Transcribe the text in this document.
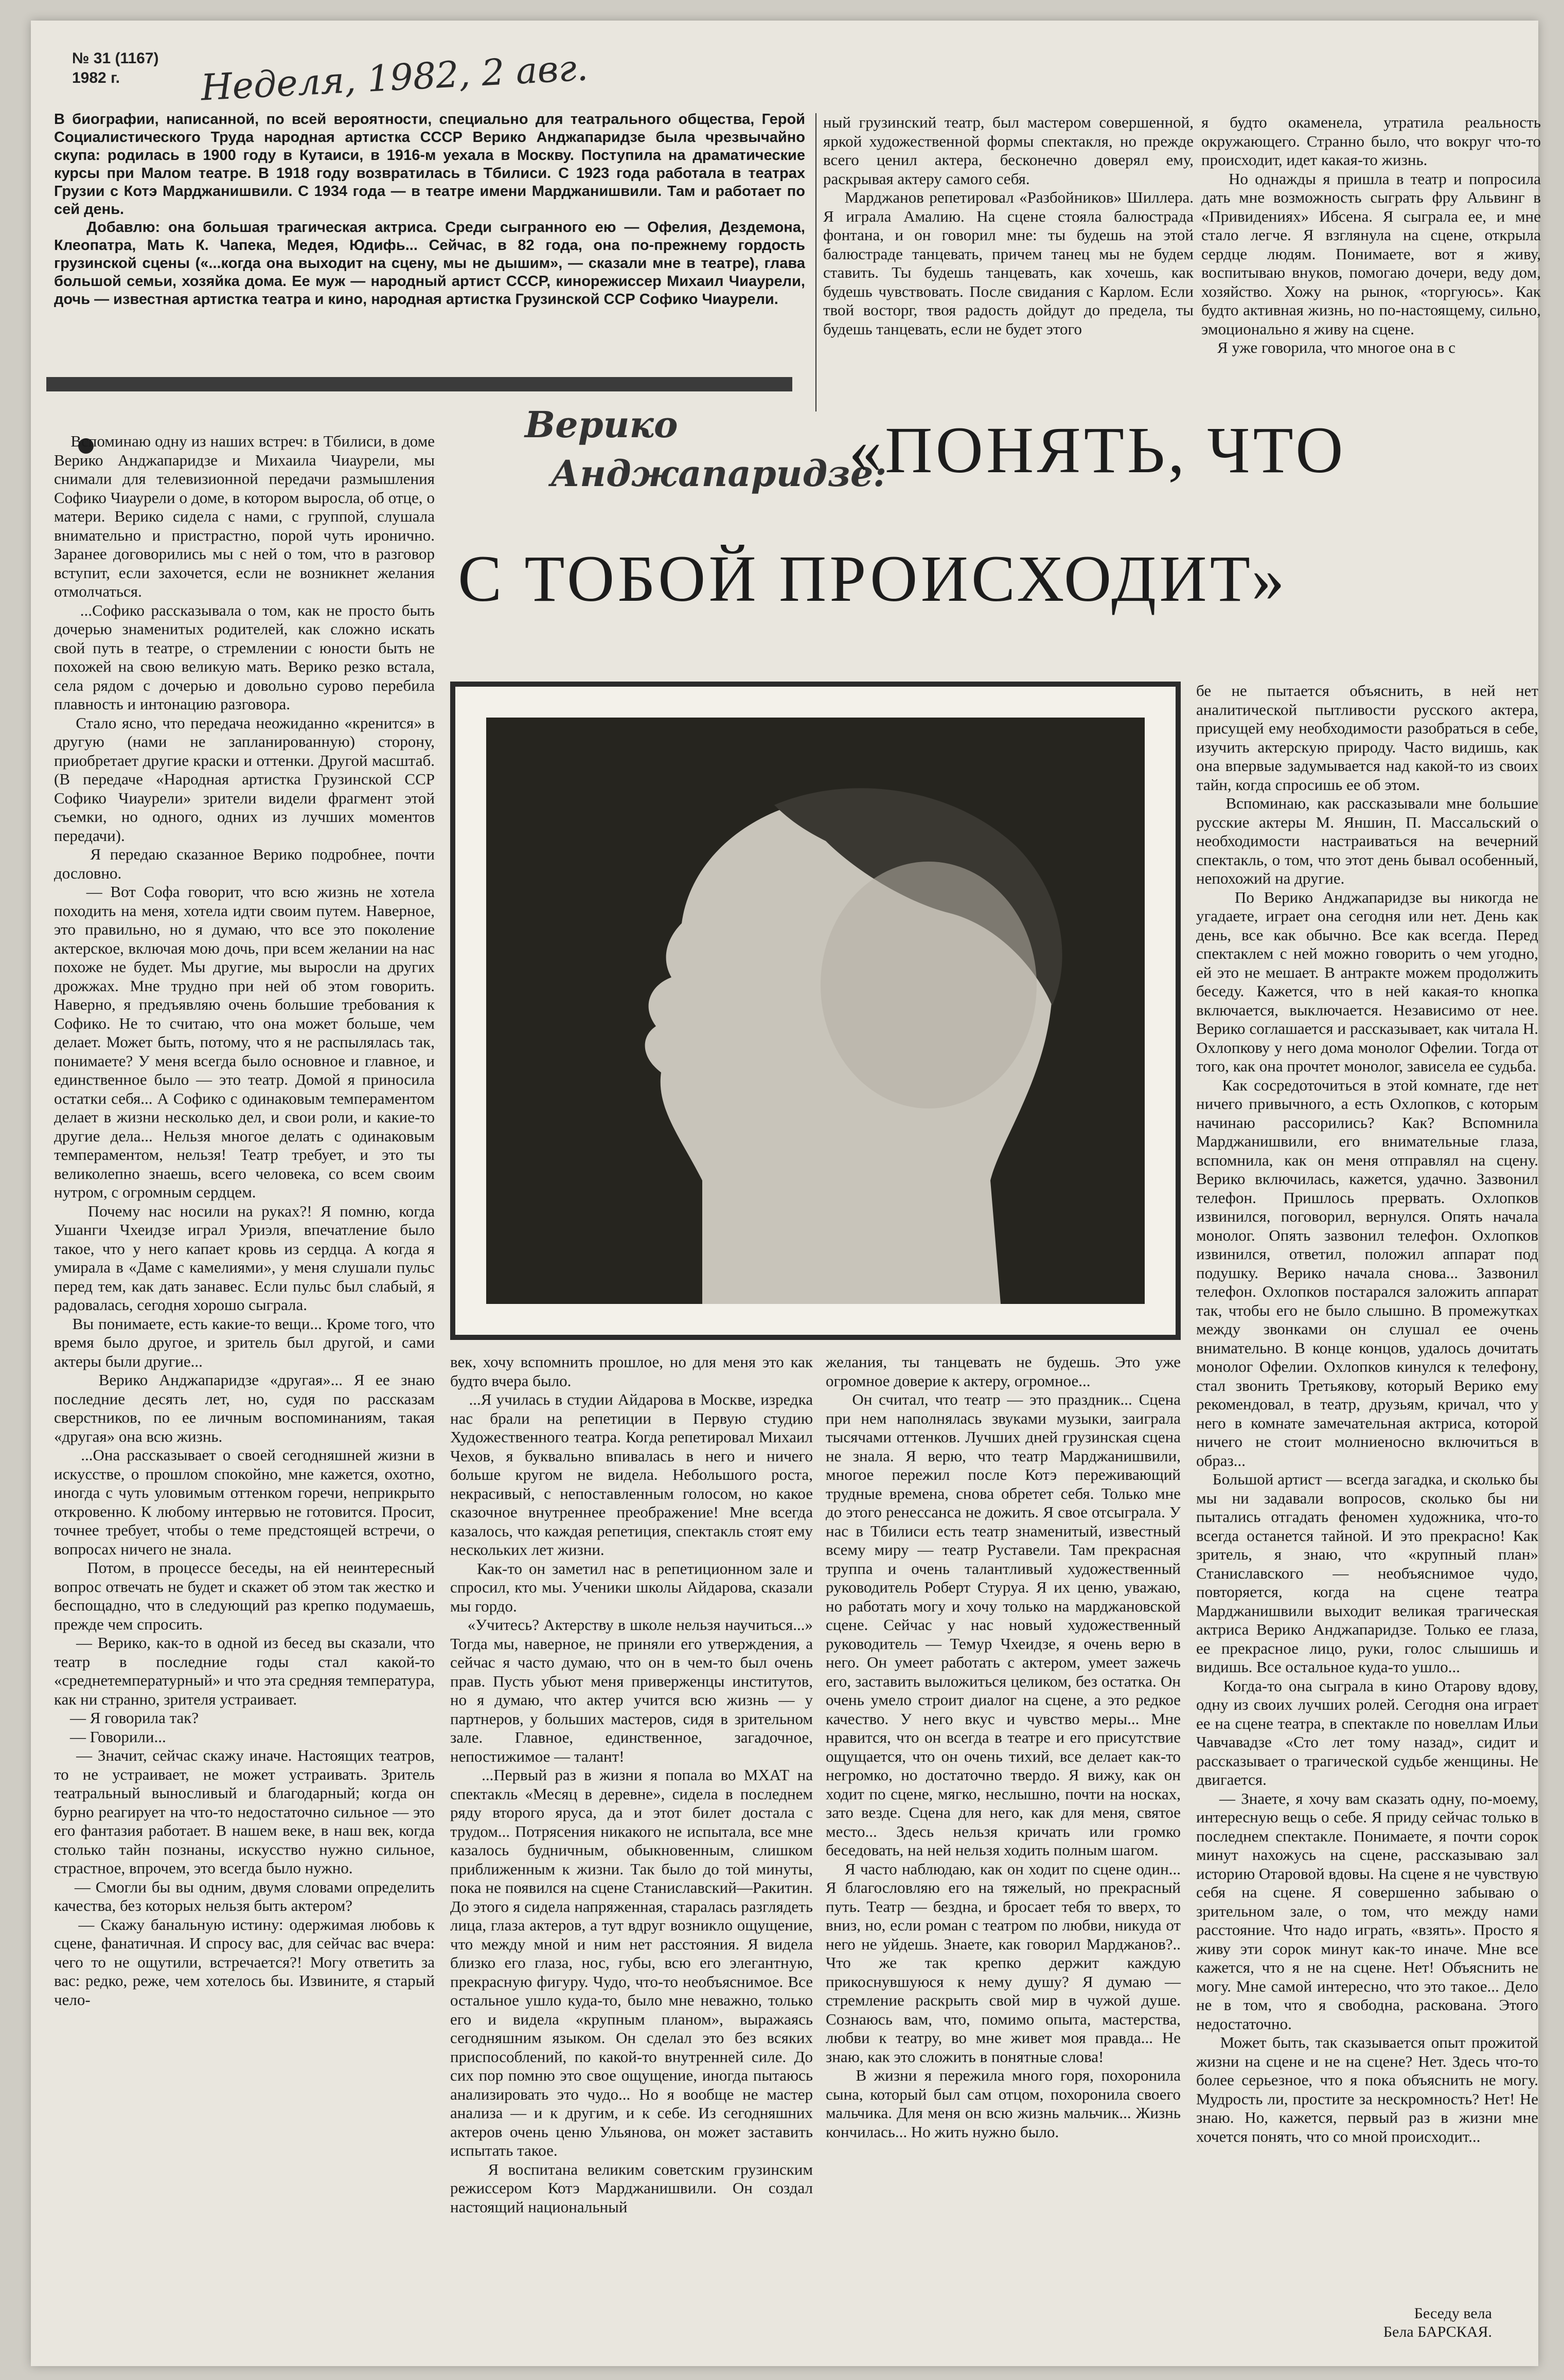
№ 31 (1167)
1982 г.	Неделя, 1982, 2 авг.
В биографии, написанной, по всей вероятности, специально для театрального общества, Герой Социалистического Труда народная артистка СССР Верико Анджапаридзе была чрезвычайно скупа: родилась в 1900 году в Кутаиси, в 1916-м уехала в Москву. Поступила на драматические курсы при Малом театре. В 1918 году возвратилась в Тбилиси. С 1923 года работала в театрах Грузии с Котэ Марджанишвили. С 1934 года — в театре имени Марджанишвили. Там и работает по сей день.
Добавлю: она большая трагическая актриса. Среди сыгранного ею — Офелия, Дездемона, Клеопатра, Мать К. Чапека, Медея, Юдифь... Сейчас, в 82 года, она по-прежнему гордость грузинской сцены («...когда она выходит на сцену, мы не дышим», — сказали мне в театре), глава большой семьи, хозяйка дома. Ее муж — народный артист СССР, кинорежиссер Михаил Чиаурели, дочь — известная артистка театра и кино, народная артистка Грузинской ССР Софико Чиаурели.
ный грузинский театр, был мастером совершенной, яркой художественной формы спектакля, но прежде всего ценил актера, бесконечно доверял ему, раскрывая актеру самого себя.
Марджанов репетировал «Разбойников» Шиллера. Я играла Амалию. На сцене стояла балюстрада фонтана, и он говорил мне: ты будешь на этой балюстраде танцевать, причем танец мы не будем ставить. Ты будешь танцевать, как хочешь, как будешь чувствовать. После свидания с Карлом. Если твой восторг, твоя радость дойдут до предела, ты будешь танцевать, если не будет этого
я будто окаменела, утратила реальность окружающего. Странно было, что вокруг что-то происходит, идет какая-то жизнь.
Но однажды я пришла в театр и попросила дать мне возможность сыграть фру Альвинг в «Привидениях» Ибсена. Я сыграла ее, и мне стало легче. Я взглянула на сцене, открыла сердце людям. Понимаете, вот я живу, воспитываю внуков, помогаю дочери, веду дом, хозяйство. Хожу на рынок, «торгуюсь». Как будто активная жизнь, но по-настоящему, сильно, эмоционально я живу на сцене.
Я уже говорила, что многое она в с
Верико
Анджапаридзе:
«ПОНЯТЬ, ЧТО
С ТОБОЙ ПРОИСХОДИТ»
Вспоминаю одну из наших встреч: в Тбилиси, в доме Верико Анджапаридзе и Михаила Чиаурели, мы снимали для телевизионной передачи размышления Софико Чиаурели о доме, в котором выросла, об отце, о матери. Верико сидела с нами, с группой, слушала внимательно и пристрастно, порой чуть иронично. Заранее договорились мы с ней о том, что в разговор вступит, если захочется, если не возникнет желания отмолчаться.
...Софико рассказывала о том, как не просто быть дочерью знаменитых родителей, как сложно искать свой путь в театре, о стремлении с юности быть не похожей на свою великую мать. Верико резко встала, села рядом с дочерью и довольно сурово перебила плавность и интонацию разговора.
Стало ясно, что передача неожиданно «кренится» в другую (нами не запланированную) сторону, приобретает другие краски и оттенки. Другой масштаб. (В передаче «Народная артистка Грузинской ССР Софико Чиаурели» зрители видели фрагмент этой съемки, но одного, одних из лучших моментов передачи).
Я передаю сказанное Верико подробнее, почти дословно.
— Вот Софа говорит, что всю жизнь не хотела походить на меня, хотела идти своим путем. Наверное, это правильно, но я думаю, что все это поколение актерское, включая мою дочь, при всем желании на нас похоже не будет. Мы другие, мы выросли на других дрожжах. Мне трудно при ней об этом говорить. Наверно, я предъявляю очень большие требования к Софико. Не то считаю, что она может больше, чем делает. Может быть, потому, что я не распылялась так, понимаете? У меня всегда было основное и главное, и единственное было — это театр. Домой я приносила остатки себя... А Софико с одинаковым темпераментом делает в жизни несколько дел, и свои роли, и какие-то другие дела... Нельзя многое делать с одинаковым темпераментом, нельзя! Театр требует, и это ты великолепно знаешь, всего человека, со всем своим нутром, с огромным сердцем.
Почему нас носили на руках?! Я помню, когда Ушанги Чхеидзе играл Уриэля, впечатление было такое, что у него капает кровь из сердца. А когда я умирала в «Даме с камелиями», у меня слушали пульс перед тем, как дать занавес. Если пульс был слабый, я радовалась, сегодня хорошо сыграла.
Вы понимаете, есть какие-то вещи... Кроме того, что время было другое, и зритель был другой, и сами актеры были другие...
Верико Анджапаридзе «другая»... Я ее знаю последние десять лет, но, судя по рассказам сверстников, по ее личным воспоминаниям, такая «другая» она всю жизнь.
...Она рассказывает о своей сегодняшней жизни в искусстве, о прошлом спокойно, мне кажется, охотно, иногда с чуть уловимым оттенком горечи, неприкрыто откровенно. К любому интервью не готовится. Просит, точнее требует, чтобы о теме предстоящей встречи, о вопросах ничего не знала.
Потом, в процессе беседы, на ей неинтересный вопрос отвечать не будет и скажет об этом так жестко и беспощадно, что в следующий раз крепко подумаешь, прежде чем спросить.
— Верико, как-то в одной из бесед вы сказали, что театр в последние годы стал какой-то «среднетемпературный» и что эта средняя температура, как ни странно, зрителя устраивает.
— Я говорила так?
— Говорили...
— Значит, сейчас скажу иначе. Настоящих театров, то не устраивает, не может устраивать. Зритель театральный выносливый и благодарный; когда он бурно реагирует на что-то недостаточно сильное — это его фантазия работает. В нашем веке, в наш век, когда столько тайн познаны, искусство нужно сильное, страстное, впрочем, это всегда было нужно.
— Смогли бы вы одним, двумя словами определить качества, без которых нельзя быть актером?
— Скажу банальную истину: одержимая любовь к сцене, фанатичная. И спросу вас, для сейчас вас вчера: чего то не ощутили, встречается?! Могу ответить за вас: редко, реже, чем хотелось бы. Извините, я старый чело-
век, хочу вспомнить прошлое, но для меня это как будто вчера было.
...Я училась в студии Айдарова в Москве, изредка нас брали на репетиции в Первую студию Художественного театра. Когда репетировал Михаил Чехов, я буквально впивалась в него и ничего больше кругом не видела. Небольшого роста, некрасивый, с непоставленным голосом, но какое сказочное внутреннее преображение! Мне всегда казалось, что каждая репетиция, спектакль стоят ему нескольких лет жизни.
Как-то он заметил нас в репетиционном зале и спросил, кто мы. Ученики школы Айдарова, сказали мы гордо.
«Учитесь? Актерству в школе нельзя научиться...» Тогда мы, наверное, не приняли его утверждения, а сейчас я часто думаю, что он в чем-то был очень прав. Пусть убьют меня приверженцы институтов, но я думаю, что актер учится всю жизнь — у партнеров, у больших мастеров, сидя в зрительном зале. Главное, единственное, загадочное, непостижимое — талант!
...Первый раз в жизни я попала во МХАТ на спектакль «Месяц в деревне», сидела в последнем ряду второго яруса, да и этот билет достала с трудом... Потрясения никакого не испытала, все мне казалось будничным, обыкновенным, слишком приближенным к жизни. Так было до той минуты, пока не появился на сцене Станиславский—Ракитин. До этого я сидела напряженная, старалась разглядеть лица, глаза актеров, а тут вдруг возникло ощущение, что между мной и ним нет расстояния. Я видела близко его глаза, нос, губы, всю его элегантную, прекрасную фигуру. Чудо, что-то необъяснимое. Все остальное ушло куда-то, было мне неважно, только его и видела «крупным планом», выражаясь сегодняшним языком. Он сделал это без всяких приспособлений, по какой-то внутренней силе. До сих пор помню это свое ощущение, иногда пытаюсь анализировать это чудо... Но я вообще не мастер анализа — и к другим, и к себе. Из сегодняшних актеров очень ценю Ульянова, он может заставить испытать такое.
Я воспитана великим советским грузинским режиссером Котэ Марджанишвили. Он создал настоящий национальный
желания, ты танцевать не будешь. Это уже огромное доверие к актеру, огромное...
Он считал, что театр — это праздник... Сцена при нем наполнялась звуками музыки, заиграла тысячами оттенков. Лучших дней грузинская сцена не знала. Я верю, что театр Марджанишвили, многое пережил после Котэ переживающий трудные времена, снова обретет себя. Только мне до этого ренессанса не дожить. Я свое отсыграла. У нас в Тбилиси есть театр знаменитый, известный всему миру — театр Руставели. Там прекрасная труппа и очень талантливый художественный руководитель Роберт Стуруа. Я их ценю, уважаю, но работать могу и хочу только на марджановской сцене. Сейчас у нас новый художественный руководитель — Темур Чхеидзе, я очень верю в него. Он умеет работать с актером, умеет зажечь его, заставить выложиться целиком, без остатка. Он очень умело строит диалог на сцене, а это редкое качество. У него вкус и чувство меры... Мне нравится, что он всегда в театре и его присутствие ощущается, что он очень тихий, все делает как-то негромко, но достаточно твердо. Я вижу, как он ходит по сцене, мягко, неслышно, почти на носках, зато везде. Сцена для него, как для меня, святое место... Здесь нельзя кричать или громко беседовать, на ней нельзя ходить полным шагом.
Я часто наблюдаю, как он ходит по сцене один... Я благословляю его на тяжелый, но прекрасный путь. Театр — бездна, и бросает тебя то вверх, то вниз, но, если роман с театром по любви, никуда от него не уйдешь. Знаете, как говорил Марджанов?.. Что же так крепко держит каждую прикоснувшуюся к нему душу? Я думаю — стремление раскрыть свой мир в чужой душе. Сознаюсь вам, что, помимо опыта, мастерства, любви к театру, во мне живет моя правда... Не знаю, как это сложить в понятные слова!
В жизни я пережила много горя, похоронила сына, который был сам отцом, похоронила своего мальчика. Для меня он всю жизнь мальчик... Жизнь кончилась... Но жить нужно было.
бе не пытается объяснить, в ней нет аналитической пытливости русского актера, присущей ему необходимости разобраться в себе, изучить актерскую природу. Часто видишь, как она впервые задумывается над какой-то из своих тайн, когда спросишь ее об этом.
Вспоминаю, как рассказывали мне большие русские актеры М. Яншин, П. Массальский о необходимости настраиваться на вечерний спектакль, о том, что этот день бывал особенный, непохожий на другие.
По Верико Анджапаридзе вы никогда не угадаете, играет она сегодня или нет. День как день, все как обычно. Все как всегда. Перед спектаклем с ней можно говорить о чем угодно, ей это не мешает. В антракте можем продолжить беседу. Кажется, что в ней какая-то кнопка включается, выключается. Независимо от нее. Верико соглашается и рассказывает, как читала Н. Охлопкову у него дома монолог Офелии. Тогда от того, как она прочтет монолог, зависела ее судьба.
Как сосредоточиться в этой комнате, где нет ничего привычного, а есть Охлопков, с которым начинаю рассорились? Как? Вспомнила Марджанишвили, его внимательные глаза, вспомнила, как он меня отправлял на сцену. Верико включилась, кажется, удачно. Зазвонил телефон. Пришлось прервать. Охлопков извинился, поговорил, вернулся. Опять начала монолог. Опять зазвонил телефон. Охлопков извинился, ответил, положил аппарат под подушку. Верико начала снова... Зазвонил телефон. Охлопков постарался заложить аппарат так, чтобы его не было слышно. В промежутках между звонками он слушал ее очень внимательно. В конце концов, удалось дочитать монолог Офелии. Охлопков кинулся к телефону, стал звонить Третьякову, который Верико ему рекомендовал, в театр, друзьям, кричал, что у него в комнате замечательная актриса, которой ничего не стоит молниеносно включиться в образ...
Большой артист — всегда загадка, и сколько бы мы ни задавали вопросов, сколько бы ни пытались отгадать феномен художника, что-то всегда останется тайной. И это прекрасно! Как зритель, я знаю, что «крупный план» Станиславского — необъяснимое чудо, повторяется, когда на сцене театра Марджанишвили выходит великая трагическая актриса Верико Анджапаридзе. Только ее глаза, ее прекрасное лицо, руки, голос слышишь и видишь. Все остальное куда-то ушло...
Когда-то она сыграла в кино Отарову вдову, одну из своих лучших ролей. Сегодня она играет ее на сцене театра, в спектакле по новеллам Ильи Чавчавадзе «Сто лет тому назад», сидит и рассказывает о трагической судьбе женщины. Не двигается.
— Знаете, я хочу вам сказать одну, по-моему, интересную вещь о себе. Я приду сейчас только в последнем спектакле. Понимаете, я почти сорок минут нахожусь на сцене, рассказываю зал историю Отаровой вдовы. На сцене я не чувствую себя на сцене. Я совершенно забываю о зрительном зале, о том, что между нами расстояние. Что надо играть, «взять». Просто я живу эти сорок минут как-то иначе. Мне все кажется, что я не на сцене. Нет! Объяснить не могу. Мне самой интересно, что это такое... Дело не в том, что я свободна, раскована. Этого недостаточно.
Может быть, так сказывается опыт прожитой жизни на сцене и не на сцене? Нет. Здесь что-то более серьезное, что я пока объяснить не могу. Мудрость ли, простите за нескромность? Нет! Не знаю. Но, кажется, первый раз в жизни мне хочется понять, что со мной происходит...
Беседу вела
Бела БАРСКАЯ.
